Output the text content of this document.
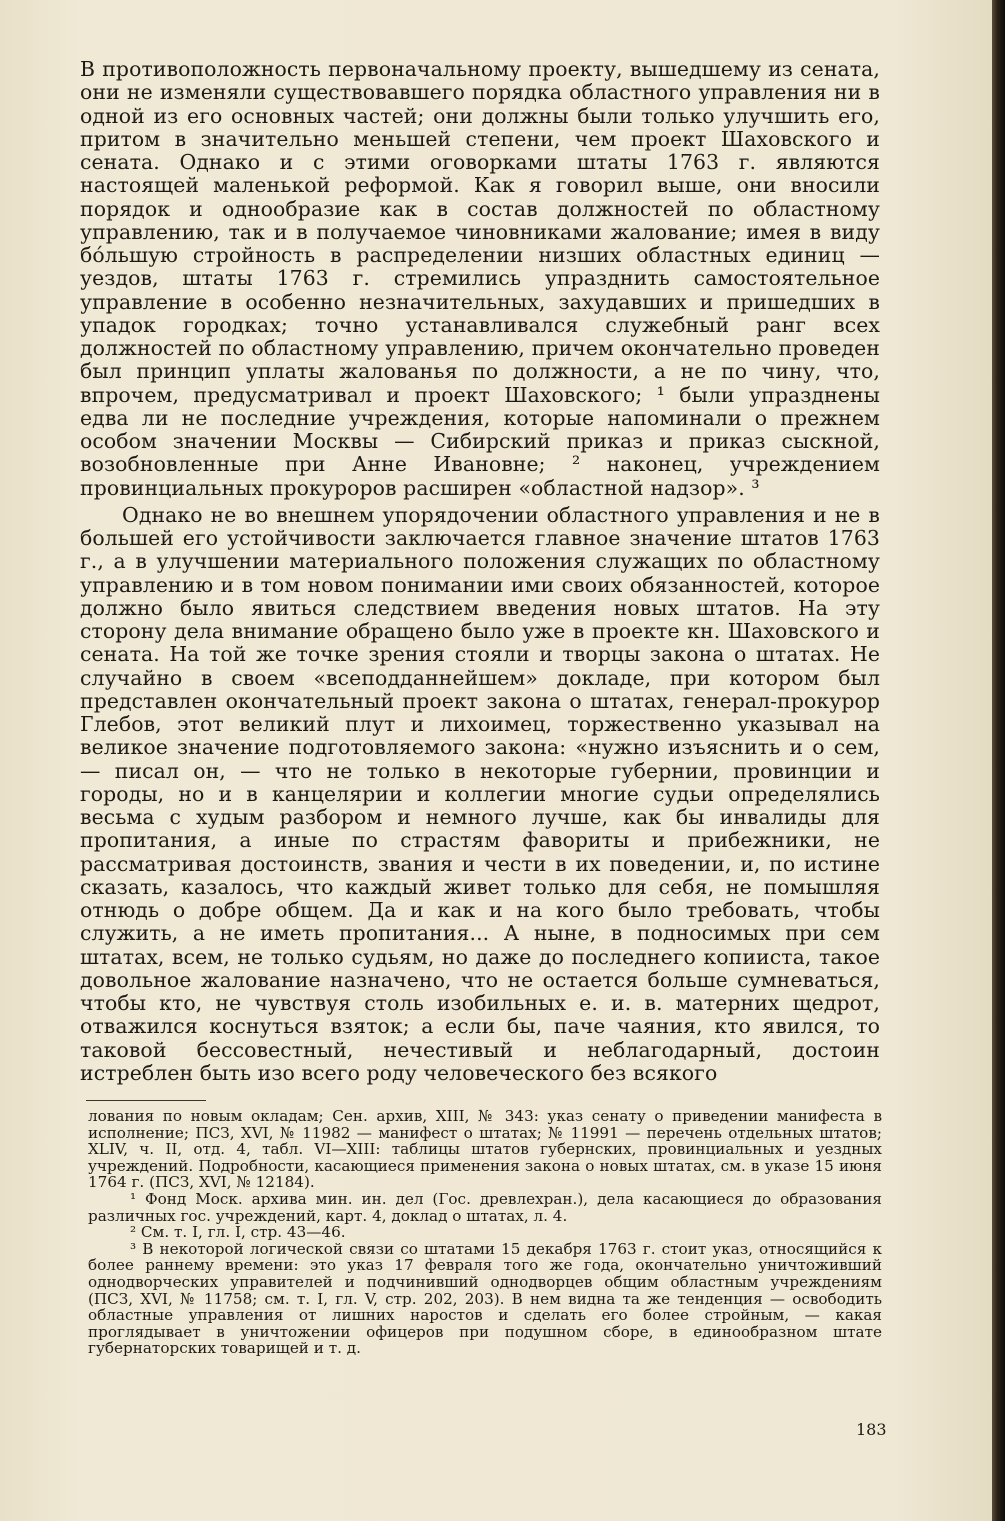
В противоположность первоначальному проекту, вышедшему из сената, они не изменяли существовавшего порядка областного управления ни в одной из его основных частей; они должны были только улучшить его, притом в значительно меньшей степени, чем проект Шаховского и сената. Однако и с этими оговорками штаты 1763 г. являются настоящей маленькой реформой. Как я говорил выше, они вносили порядок и однообразие как в состав должностей по областному управлению, так и в получаемое чиновниками жалование; имея в виду бо́льшую стройность в распределении низших областных единиц — уездов, штаты 1763 г. стремились упразднить самостоятельное управление в особенно незначительных, захудавших и пришедших в упадок городках; точно устанавливался служебный ранг всех должностей по областному управлению, причем окончательно проведен был принцип уплаты жалованья по должности, а не по чину, что, впрочем, предусматривал и проект Шаховского; ¹ были упразднены едва ли не последние учреждения, которые напоминали о прежнем особом значении Москвы — Сибирский приказ и приказ сыскной, возобновленные при Анне Ивановне; ² наконец, учреждением провинциальных прокуроров расширен «областной надзор». ³

Однако не во внешнем упорядочении областного управления и не в большей его устойчивости заключается главное значение штатов 1763 г., а в улучшении материального положения служащих по областному управлению и в том новом понимании ими своих обязанностей, которое должно было явиться следствием введения новых штатов. На эту сторону дела внимание обращено было уже в проекте кн. Шаховского и сената. На той же точке зрения стояли и творцы закона о штатах. Не случайно в своем «всеподданнейшем» докладе, при котором был представлен окончательный проект закона о штатах, генерал-прокурор Глебов, этот великий плут и лихоимец, торжественно указывал на великое значение подготовляемого закона: «нужно изъяснить и о сем, — писал он, — что не только в некоторые губернии, провинции и городы, но и в канцелярии и коллегии многие судьи определялись весьма с худым разбором и немного лучше, как бы инвалиды для пропитания, а иные по страстям фавориты и прибежники, не рассматривая достоинств, звания и чести в их поведении, и, по истине сказать, казалось, что каждый живет только для себя, не помышляя отнюдь о добре общем. Да и как и на кого было требовать, чтобы служить, а не иметь пропитания... А ныне, в подносимых при сем штатах, всем, не только судьям, но даже до последнего копииста, такое довольное жалование назначено, что не остается больше сумневаться, чтобы кто, не чувствуя столь изобильных е. и. в. матерних щедрот, отважился коснуться взяток; а если бы, паче чаяния, кто явился, то таковой бессовестный, нечестивый и неблагодарный, достоин истреблен быть изо всего роду человеческого без всякого

лования по новым окладам; Сен. архив, XIII, № 343: указ сенату о приведении манифеста в исполнение; ПСЗ, XVI, № 11982 — манифест о штатах; № 11991 — перечень отдельных штатов; XLIV, ч. II, отд. 4, табл. VI—XIII: таблицы штатов губернских, провинциальных и уездных учреждений. Подробности, касающиеся применения закона о новых штатах, см. в указе 15 июня 1764 г. (ПСЗ, XVI, № 12184).

¹ Фонд Моск. архива мин. ин. дел (Гос. древлехран.), дела касающиеся до образования различных гос. учреждений, карт. 4, доклад о штатах, л. 4.

² См. т. I, гл. I, стр. 43—46.

³ В некоторой логической связи со штатами 15 декабря 1763 г. стоит указ, относящийся к более раннему времени: это указ 17 февраля того же года, окончательно уничтоживший однодворческих управителей и подчинивший однодворцев общим областным учреждениям (ПСЗ, XVI, № 11758; см. т. I, гл. V, стр. 202, 203). В нем видна та же тенденция — освободить областные управления от лишних наростов и сделать его более стройным, — какая проглядывает в уничтожении офицеров при подушном сборе, в единообразном штате губернаторских товарищей и т. д.

183
